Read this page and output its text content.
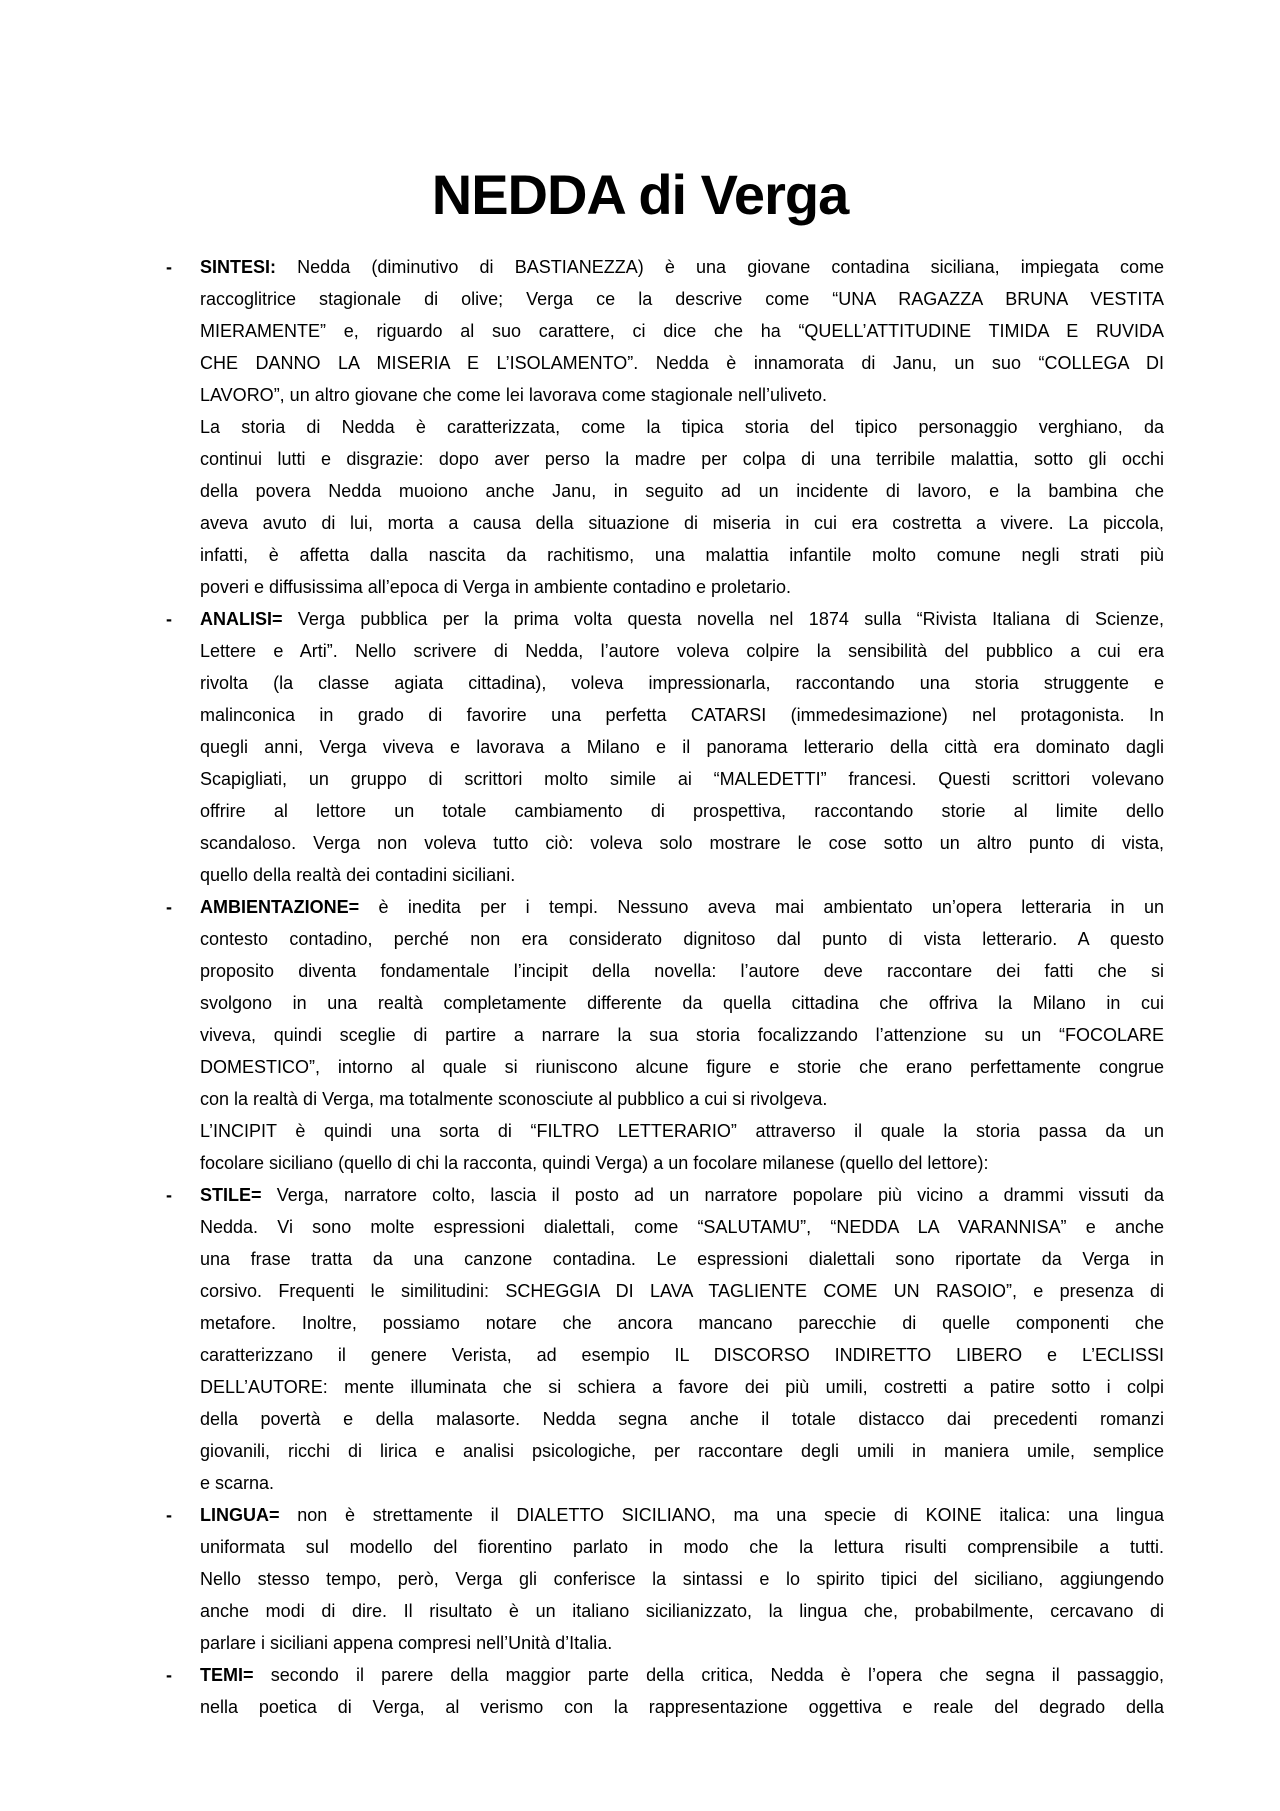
NEDDA di Verga
-	SINTESI: Nedda (diminutivo di BASTIANEZZA) è una giovane contadina siciliana, impiegata come
raccoglitrice stagionale di olive; Verga ce la descrive come “UNA RAGAZZA BRUNA VESTITA
MIERAMENTE” e, riguardo al suo carattere, ci dice che ha “QUELL’ATTITUDINE TIMIDA E RUVIDA
CHE DANNO LA MISERIA E L’ISOLAMENTO”. Nedda è innamorata di Janu, un suo “COLLEGA DI
LAVORO”, un altro giovane che come lei lavorava come stagionale nell’uliveto.
La storia di Nedda è caratterizzata, come la tipica storia del tipico personaggio verghiano, da
continui lutti e disgrazie: dopo aver perso la madre per colpa di una terribile malattia, sotto gli occhi
della povera Nedda muoiono anche Janu, in seguito ad un incidente di lavoro, e la bambina che
aveva avuto di lui, morta a causa della situazione di miseria in cui era costretta a vivere. La piccola,
infatti, è affetta dalla nascita da rachitismo, una malattia infantile molto comune negli strati più
poveri e diffusissima all’epoca di Verga in ambiente contadino e proletario.
-	ANALISI= Verga pubblica per la prima volta questa novella nel 1874 sulla “Rivista Italiana di Scienze,
Lettere e Arti”. Nello scrivere di Nedda, l’autore voleva colpire la sensibilità del pubblico a cui era
rivolta (la classe agiata cittadina), voleva impressionarla, raccontando una storia struggente e
malinconica in grado di favorire una perfetta CATARSI (immedesimazione) nel protagonista. In
quegli anni, Verga viveva e lavorava a Milano e il panorama letterario della città era dominato dagli
Scapigliati, un gruppo di scrittori molto simile ai “MALEDETTI” francesi. Questi scrittori volevano
offrire al lettore un totale cambiamento di prospettiva, raccontando storie al limite dello
scandaloso. Verga non voleva tutto ciò: voleva solo mostrare le cose sotto un altro punto di vista,
quello della realtà dei contadini siciliani.
-	AMBIENTAZIONE= è inedita per i tempi. Nessuno aveva mai ambientato un’opera letteraria in un
contesto contadino, perché non era considerato dignitoso dal punto di vista letterario. A questo
proposito diventa fondamentale l’incipit della novella: l’autore deve raccontare dei fatti che si
svolgono in una realtà completamente differente da quella cittadina che offriva la Milano in cui
viveva, quindi sceglie di partire a narrare la sua storia focalizzando l’attenzione su un “FOCOLARE
DOMESTICO”, intorno al quale si riuniscono alcune figure e storie che erano perfettamente congrue
con la realtà di Verga, ma totalmente sconosciute al pubblico a cui si rivolgeva.
L’INCIPIT è quindi una sorta di “FILTRO LETTERARIO” attraverso il quale la storia passa da un
focolare siciliano (quello di chi la racconta, quindi Verga) a un focolare milanese (quello del lettore):
-	STILE= Verga, narratore colto, lascia il posto ad un narratore popolare più vicino a drammi vissuti da
Nedda. Vi sono molte espressioni dialettali, come “SALUTAMU”, “NEDDA LA VARANNISA” e anche
una frase tratta da una canzone contadina. Le espressioni dialettali sono riportate da Verga in
corsivo. Frequenti le similitudini: SCHEGGIA DI LAVA TAGLIENTE COME UN RASOIO”, e presenza di
metafore. Inoltre, possiamo notare che ancora mancano parecchie di quelle componenti che
caratterizzano il genere Verista, ad esempio IL DISCORSO INDIRETTO LIBERO e L’ECLISSI
DELL’AUTORE: mente illuminata che si schiera a favore dei più umili, costretti a patire sotto i colpi
della povertà e della malasorte. Nedda segna anche il totale distacco dai precedenti romanzi
giovanili, ricchi di lirica e analisi psicologiche, per raccontare degli umili in maniera umile, semplice
e scarna.
-	LINGUA= non è strettamente il DIALETTO SICILIANO, ma una specie di KOINE italica: una lingua
uniformata sul modello del fiorentino parlato in modo che la lettura risulti comprensibile a tutti.
Nello stesso tempo, però, Verga gli conferisce la sintassi e lo spirito tipici del siciliano, aggiungendo
anche modi di dire. Il risultato è un italiano sicilianizzato, la lingua che, probabilmente, cercavano di
parlare i siciliani appena compresi nell’Unità d’Italia.
-	TEMI= secondo il parere della maggior parte della critica, Nedda è l’opera che segna il passaggio,
nella poetica di Verga, al verismo con la rappresentazione oggettiva e reale del degrado della
